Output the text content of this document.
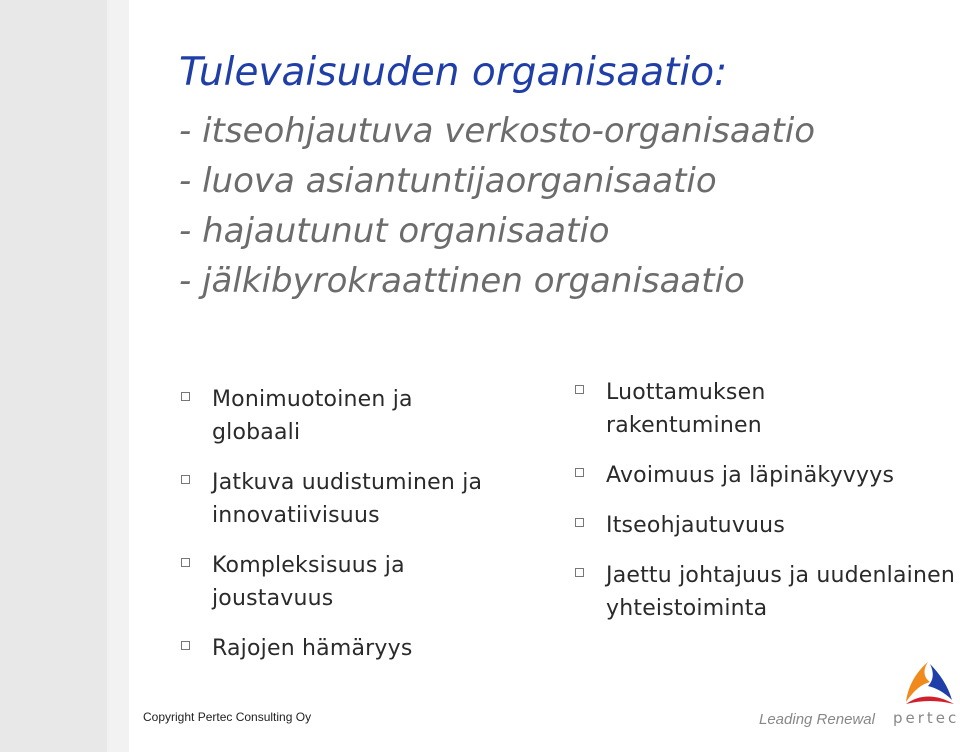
Tulevaisuuden organisaatio:
- itseohjautuva verkosto-organisaatio
- luova asiantuntijaorganisaatio
- hajautunut organisaatio
- jälkibyrokraattinen organisaatio
Monimuotoinen ja globaali
Jatkuva uudistuminen ja innovatiivisuus
Kompleksisuus ja joustavuus
Rajojen hämäryys
Luottamuksen rakentuminen
Avoimuus ja läpinäkyvyys
Itseohjautuvuus
Jaettu johtajuus ja uudenlainen yhteistoiminta
Copyright Pertec Consulting Oy	Leading Renewal pertec
